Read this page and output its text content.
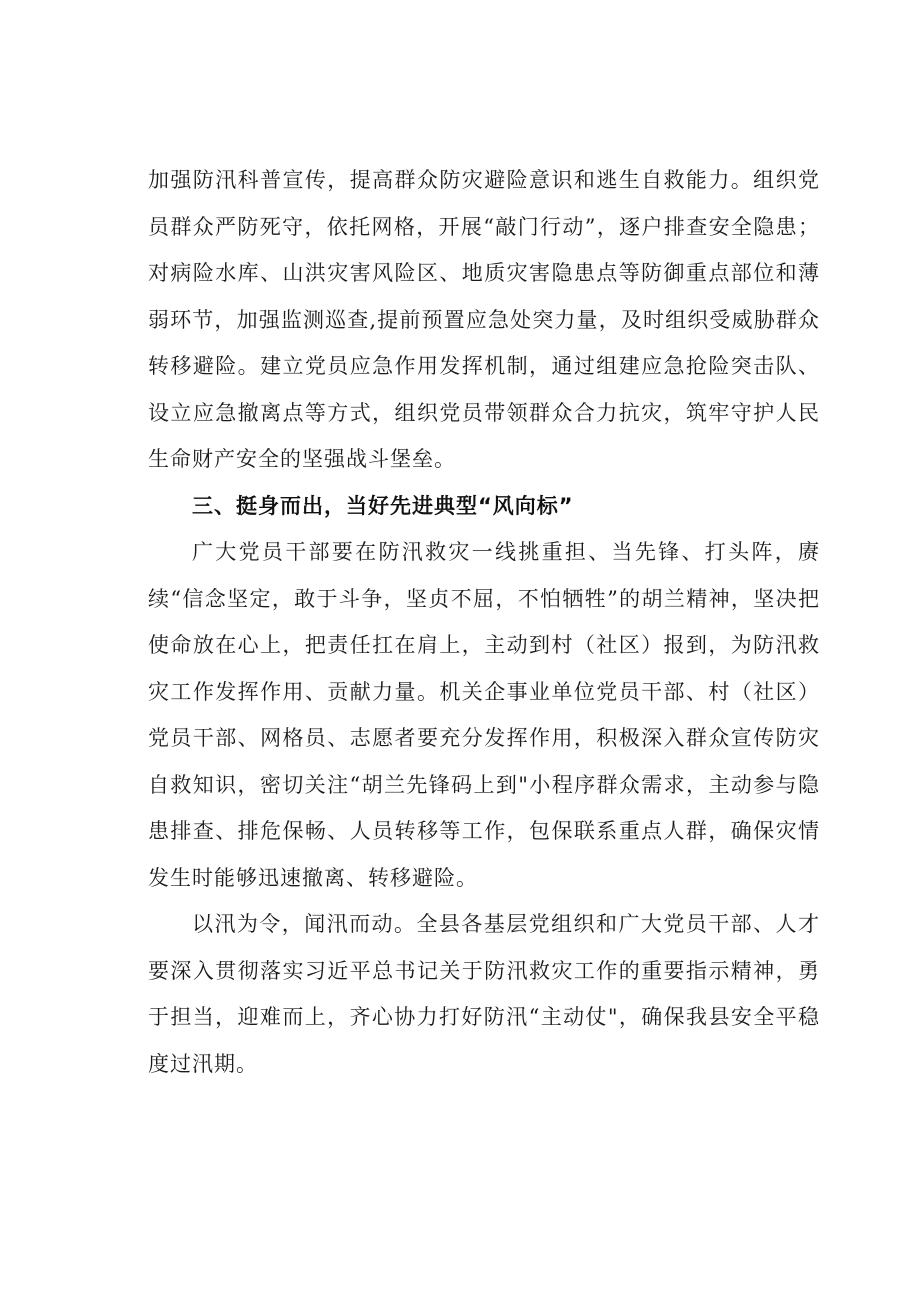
加强防汛科普宣传，提高群众防灾避险意识和逃生自救能力。组织党员群众严防死守，依托网格，开展“敲门行动”，逐户排查安全隐患；对病险水库、山洪灾害风险区、地质灾害隐患点等防御重点部位和薄弱环节，加强监测巡查,提前预置应急处突力量，及时组织受威胁群众转移避险。建立党员应急作用发挥机制，通过组建应急抢险突击队、设立应急撤离点等方式，组织党员带领群众合力抗灾，筑牢守护人民生命财产安全的坚强战斗堡垒。

三、挺身而出，当好先进典型“风向标”

广大党员干部要在防汛救灾一线挑重担、当先锋、打头阵，赓续“信念坚定，敢于斗争，坚贞不屈，不怕牺牲”的胡兰精神，坚决把使命放在心上，把责任扛在肩上，主动到村（社区）报到，为防汛救灾工作发挥作用、贡献力量。机关企事业单位党员干部、村（社区）党员干部、网格员、志愿者要充分发挥作用，积极深入群众宣传防灾自救知识，密切关注“胡兰先锋码上到"小程序群众需求，主动参与隐患排查、排危保畅、人员转移等工作，包保联系重点人群，确保灾情发生时能够迅速撤离、转移避险。

以汛为令，闻汛而动。全县各基层党组织和广大党员干部、人才要深入贯彻落实习近平总书记关于防汛救灾工作的重要指示精神，勇于担当，迎难而上，齐心协力打好防汛“主动仗"，确保我县安全平稳度过汛期。
